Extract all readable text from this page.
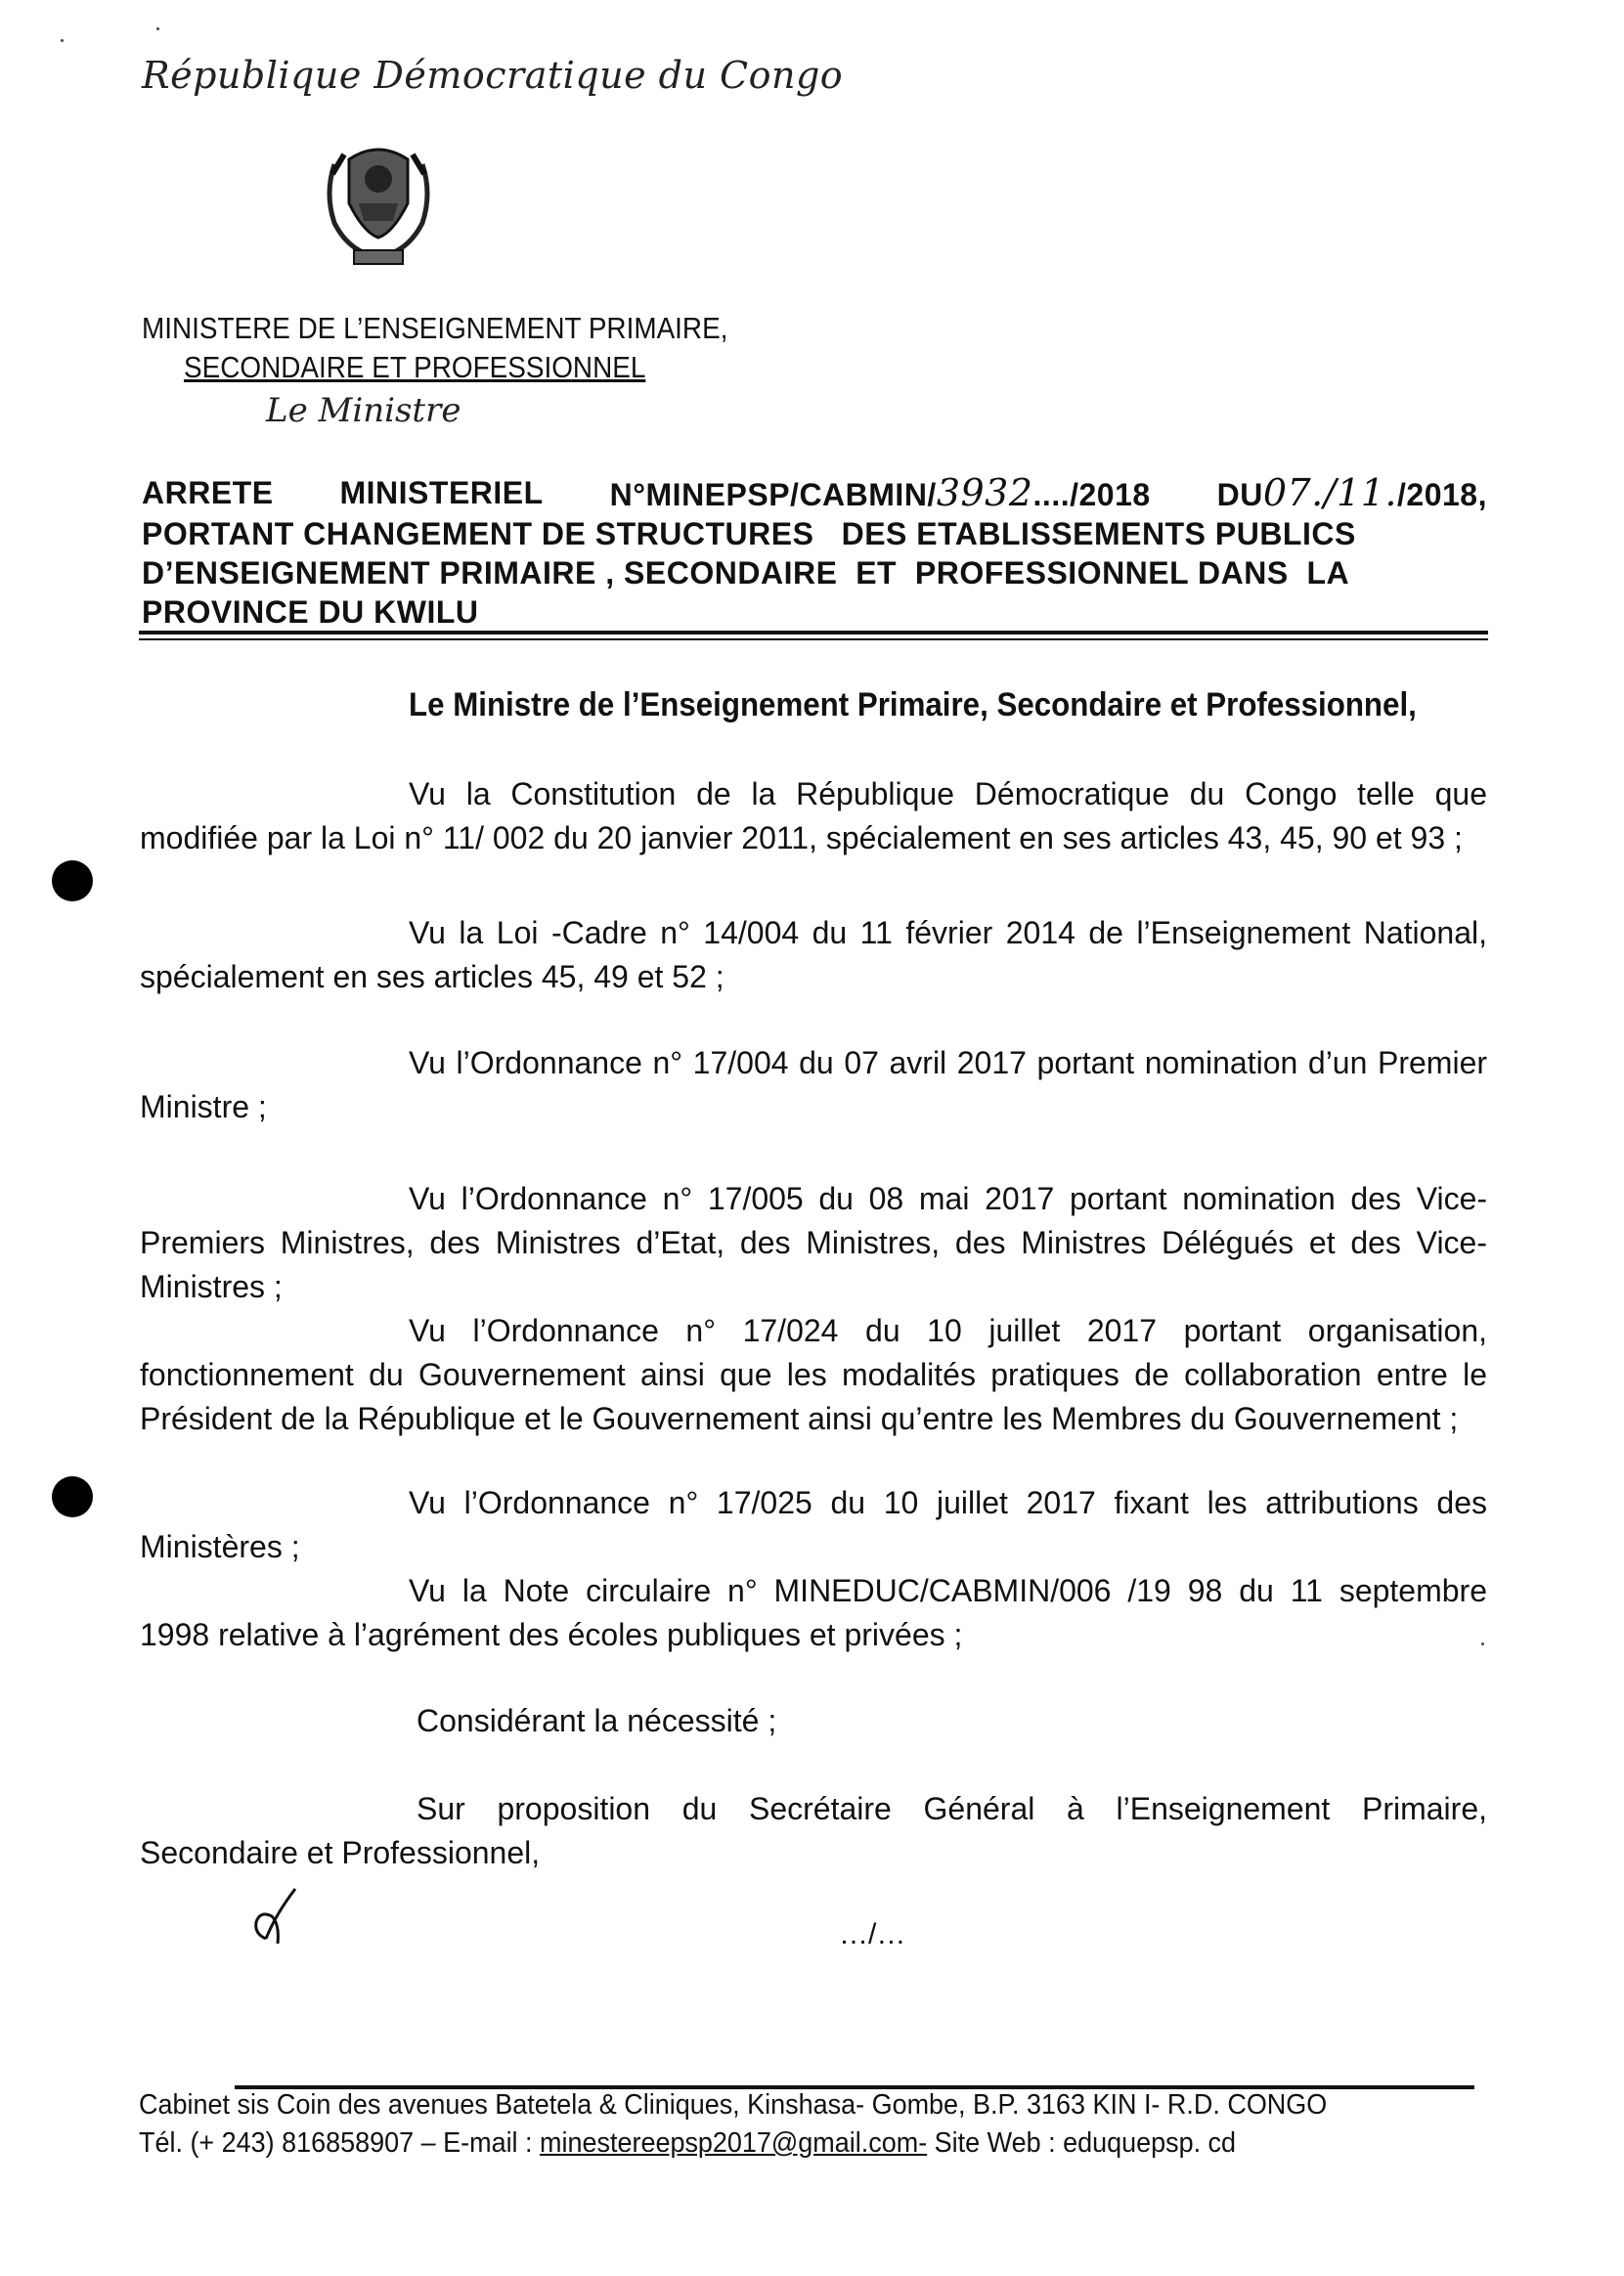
République Démocratique du Congo
MINISTERE DE L’ENSEIGNEMENT PRIMAIRE,
SECONDAIRE ET PROFESSIONNEL
Le Ministre
ARRETE MINISTERIEL N°MINEPSP/CABMIN/3932..../2018 DU07./11./2018,
PORTANT CHANGEMENT DE STRUCTURES   DES ETABLISSEMENTS PUBLICS
D’ENSEIGNEMENT PRIMAIRE , SECONDAIRE  ET  PROFESSIONNEL DANS  LA
PROVINCE DU KWILU
Le Ministre de l’Enseignement Primaire, Secondaire et Professionnel,
Vu la Constitution de la République Démocratique du Congo telle que modifiée par la Loi n° 11/ 002 du 20 janvier 2011, spécialement en ses articles 43, 45, 90 et 93 ;
Vu la Loi -Cadre n° 14/004 du 11 février 2014 de l’Enseignement National, spécialement en ses articles 45, 49 et 52 ;
Vu l’Ordonnance n° 17/004 du 07 avril 2017 portant nomination d’un Premier Ministre ;
Vu l’Ordonnance n° 17/005 du 08 mai 2017 portant nomination des Vice-Premiers Ministres, des Ministres d’Etat, des Ministres, des Ministres Délégués et des Vice- Ministres ;
Vu l’Ordonnance n° 17/024 du 10 juillet 2017 portant organisation, fonctionnement du Gouvernement ainsi que les modalités pratiques de collaboration entre le Président de la République et le Gouvernement ainsi qu’entre les Membres du Gouvernement ;
Vu l’Ordonnance n° 17/025 du 10 juillet 2017 fixant les attributions des Ministères ;
Vu la Note circulaire n° MINEDUC/CABMIN/006 /19 98 du 11 septembre 1998 relative à l’agrément des écoles publiques et privées ;
Considérant la nécessité ;
Sur proposition du Secrétaire Général à l’Enseignement Primaire, Secondaire et Professionnel,
…/…
Cabinet sis Coin des avenues Batetela & Cliniques, Kinshasa- Gombe, B.P. 3163 KIN I- R.D. CONGO
Tél. (+ 243) 816858907 – E-mail : minestereepsp2017@gmail.com- Site Web : eduquepsp. cd
